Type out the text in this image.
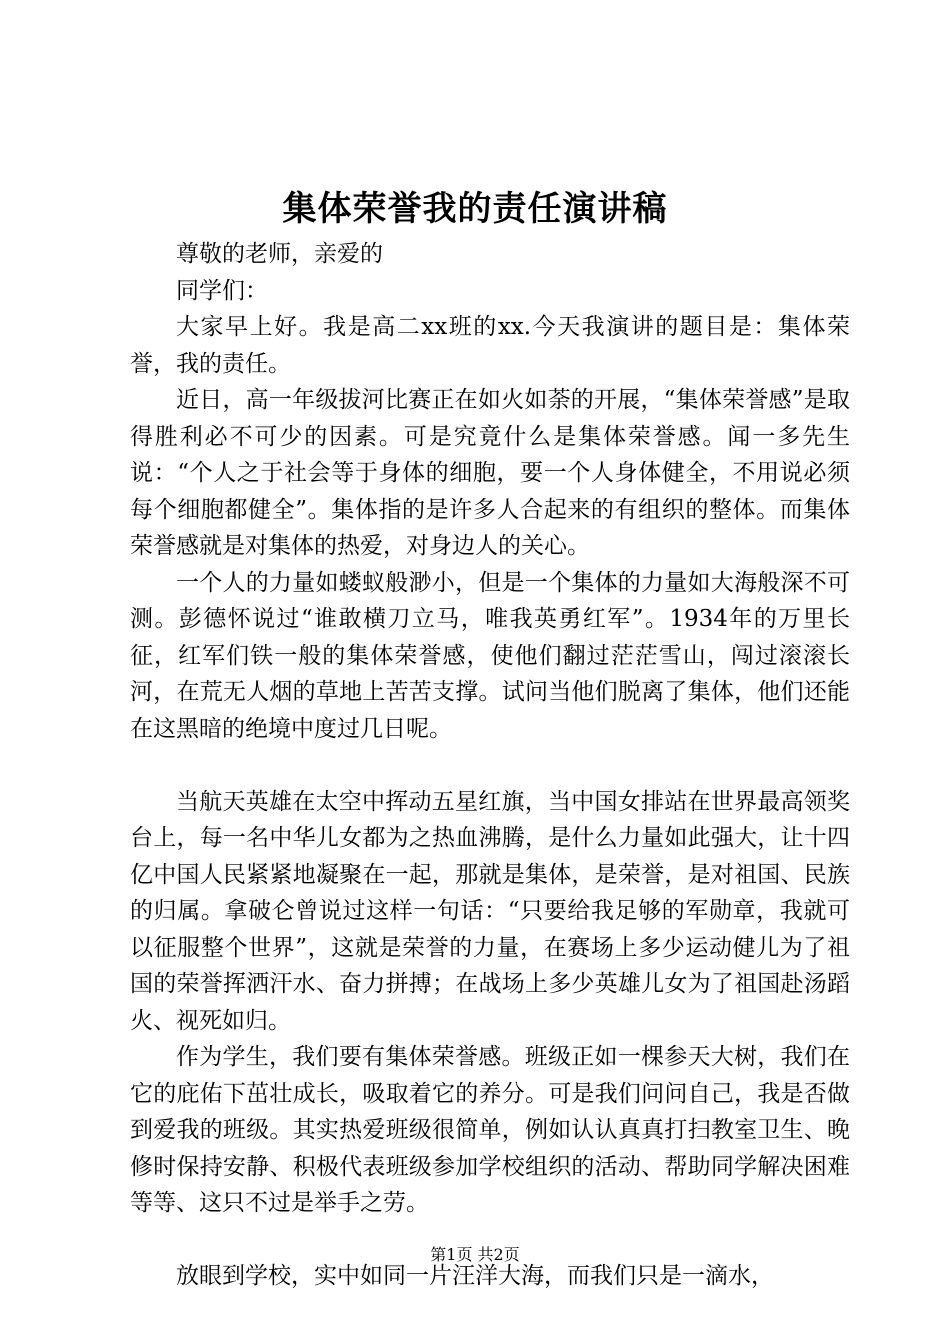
集体荣誉我的责任演讲稿

尊敬的老师，亲爱的

同学们：

大家早上好。我是高二xx班的xx.今天我演讲的题目是：集体荣誉，我的责任。

近日，高一年级拔河比赛正在如火如荼的开展，“集体荣誉感”是取得胜利必不可少的因素。可是究竟什么是集体荣誉感。闻一多先生说：“个人之于社会等于身体的细胞，要一个人身体健全，不用说必须每个细胞都健全”。集体指的是许多人合起来的有组织的整体。而集体荣誉感就是对集体的热爱，对身边人的关心。

一个人的力量如蝼蚁般渺小，但是一个集体的力量如大海般深不可测。彭德怀说过“谁敢横刀立马，唯我英勇红军”。1934年的万里长征，红军们铁一般的集体荣誉感，使他们翻过茫茫雪山，闯过滚滚长河，在荒无人烟的草地上苦苦支撑。试问当他们脱离了集体，他们还能在这黑暗的绝境中度过几日呢。

当航天英雄在太空中挥动五星红旗，当中国女排站在世界最高领奖台上，每一名中华儿女都为之热血沸腾，是什么力量如此强大，让十四亿中国人民紧紧地凝聚在一起，那就是集体，是荣誉，是对祖国、民族的归属。拿破仑曾说过这样一句话：“只要给我足够的军勋章，我就可以征服整个世界”，这就是荣誉的力量，在赛场上多少运动健儿为了祖国的荣誉挥洒汗水、奋力拼搏；在战场上多少英雄儿女为了祖国赴汤蹈火、视死如归。

作为学生，我们要有集体荣誉感。班级正如一棵参天大树，我们在它的庇佑下茁壮成长，吸取着它的养分。可是我们问问自己，我是否做到爱我的班级。其实热爱班级很简单，例如认认真真打扫教室卫生、晚修时保持安静、积极代表班级参加学校组织的活动、帮助同学解决困难等等、这只不过是举手之劳。

放眼到学校，实中如同一片汪洋大海，而我们只是一滴水，

第1页 共2页
